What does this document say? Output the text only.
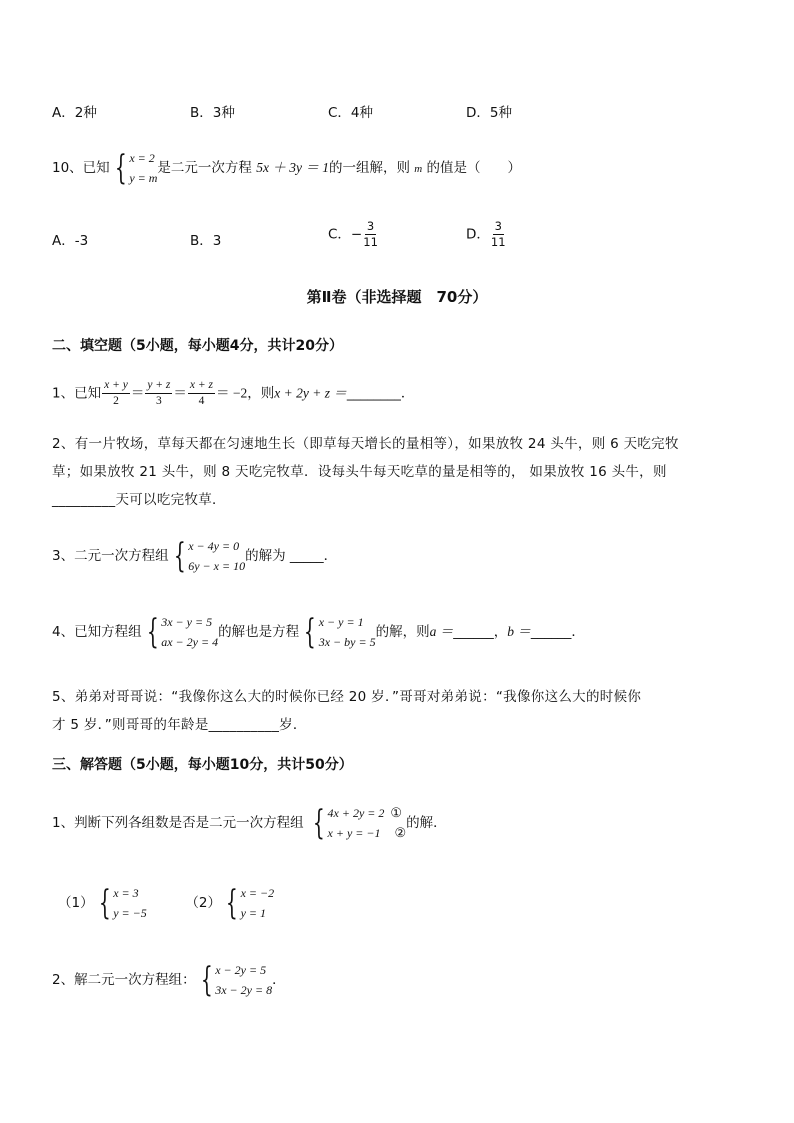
A．2种	B．3种	C．4种	D．5种
10、已知 { x = 2
y = m
是二元一次方程 5x ＋ 3y ＝ 1的一组解，则 m 的值是（　　）
A．-3	B．3	C．− $\frac{3}{11}$	D． $\frac{3}{11}$
第Ⅱ卷（非选择题　70分）
二、填空题（5小题，每小题4分，共计20分）
1、已知 $\frac{x + y}{2} = \frac{y + z}{3} = \frac{x + z}{4} = -2$，则x + 2y + z ＝________．
2、有一片牧场，草每天都在匀速地生长（即草每天增长的量相等），如果放牧 24 头牛，则 6 天吃完牧
草；如果放牧 21 头牛，则 8 天吃完牧草．设每头牛每天吃草的量是相等的， 如果放牧 16 头牛，则
_________天可以吃完牧草．
3、二元一次方程组 { x − 4y = 0
6y − x = 10
的解为 _____．
4、已知方程组 { 3x − y = 5
ax − 2y = 4
的解也是方程 { x − y = 1
3x − by = 5
的解，则a ＝______，b ＝______．
5、弟弟对哥哥说：“我像你这么大的时候你已经 20 岁．”哥哥对弟弟说：“我像你这么大的时候你
才 5 岁．”则哥哥的年龄是__________岁．
三、解答题（5小题，每小题10分，共计50分）
1、判断下列各组数是否是二元一次方程组 { 4x + 2y = 2 ①
x + y = −1 ②
的解．
（1） { x = 3
y = −5
（2） { x = −2
y = 1
2、解二元一次方程组： { x − 2y = 5
3x − 2y = 8
．
